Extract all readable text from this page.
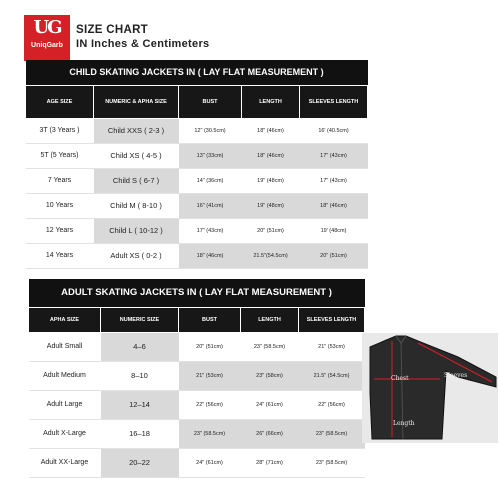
UG
UniqGarb
SIZE CHART
IN Inches & Centimeters
CHILD SKATING JACKETS IN ( LAY FLAT MEASUREMENT )				
AGE SIZE	NUMERIC & APHA SIZE	BUST	LENGTH	SLEEVES LENGTH
3T (3 Years )	Child XXS ( 2-3 )	12" (30.5cm)	18" (46cm)	16' (40.5cm)
5T (5 Years)	Child XS ( 4-5 )	13" (33cm)	18" (46cm)	17" (43cm)
7 Years	Child S ( 6-7 )	14" (36cm)	19" (48cm)	17" (43cm)
10 Years	Child M ( 8-10 )	16" (41cm)	19" (48cm)	18" (46cm)
12 Years	Child L ( 10-12 )	17" (43cm)	20" (51cm)	19' (48cm)
14 Years	Adult XS ( 0-2 )	18" (46cm)	21.5"(54.5cm)	20" (51cm)
ADULT SKATING JACKETS IN ( LAY FLAT MEASUREMENT )				
APHA SIZE	NUMERIC SIZE	BUST	LENGTH	SLEEVES LENGTH
Adult Small	4–6	20" (51cm)	23" (58.5cm)	21" (53cm)
Adult Medium	8–10	21" (53cm)	23" (58cm)	21.5" (54.5cm)
Adult Large	12–14	22" (56cm)	24" (61cm)	22" (56cm)
Adult X-Large	16–18	23" (58.5cm)	26" (66cm)	23" (58.5cm)
Adult XX-Large	20–22	24" (61cm)	28" (71cm)	23" (58.5cm)
Chest	Sleeves
Length
